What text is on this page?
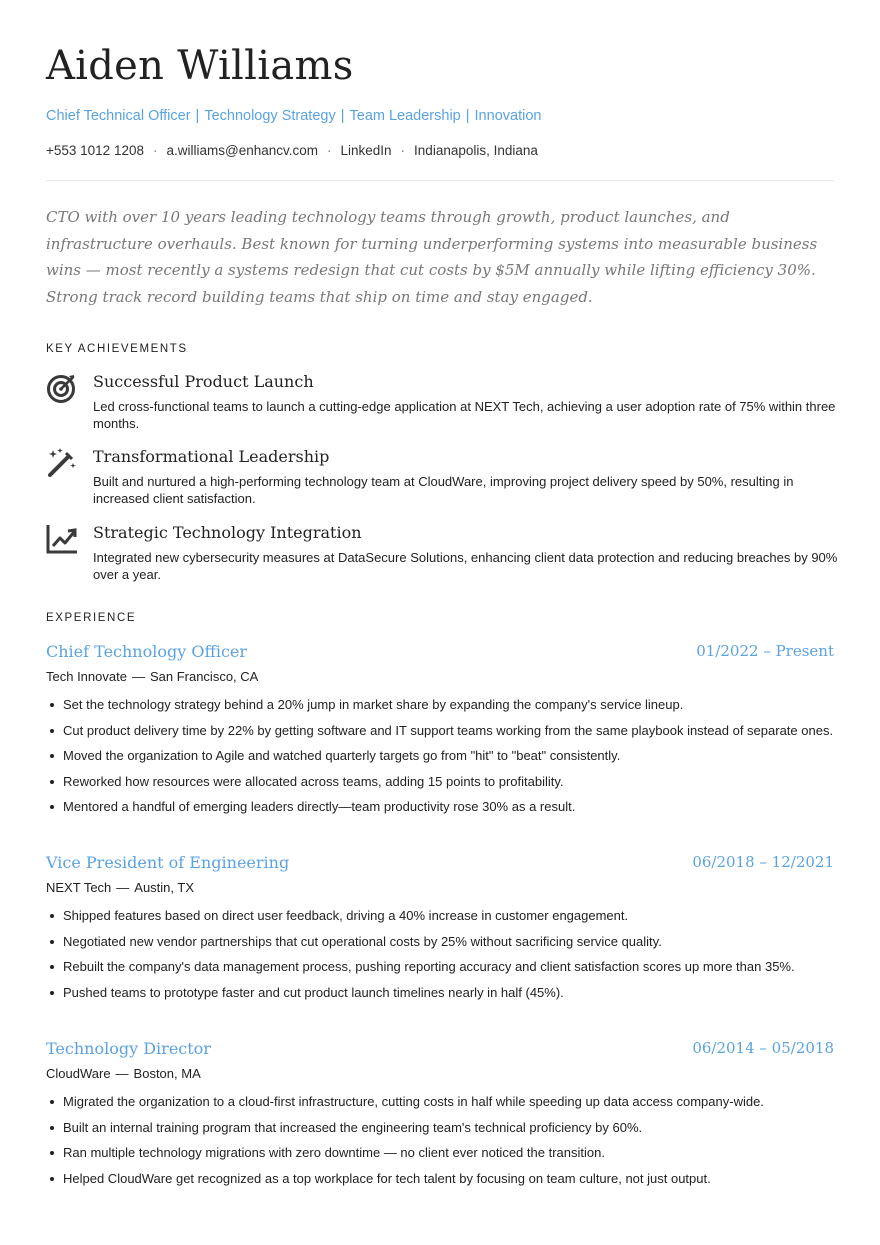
Aiden Williams
Chief Technical Officer | Technology Strategy | Team Leadership | Innovation
+553 1012 1208 · a.williams@enhancv.com · LinkedIn · Indianapolis, Indiana

CTO with over 10 years leading technology teams through growth, product launches, and infrastructure overhauls. Best known for turning underperforming systems into measurable business wins — most recently a systems redesign that cut costs by $5M annually while lifting efficiency 30%. Strong track record building teams that ship on time and stay engaged.

KEY ACHIEVEMENTS
Successful Product Launch
Led cross-functional teams to launch a cutting-edge application at NEXT Tech, achieving a user adoption rate of 75% within three months.
Transformational Leadership
Built and nurtured a high-performing technology team at CloudWare, improving project delivery speed by 50%, resulting in increased client satisfaction.
Strategic Technology Integration
Integrated new cybersecurity measures at DataSecure Solutions, enhancing client data protection and reducing breaches by 90% over a year.
EXPERIENCE
Chief Technology Officer	01/2022 – Present
Tech Innovate — San Francisco, CA
Set the technology strategy behind a 20% jump in market share by expanding the company's service lineup.
Cut product delivery time by 22% by getting software and IT support teams working from the same playbook instead of separate ones.
Moved the organization to Agile and watched quarterly targets go from "hit" to "beat" consistently.
Reworked how resources were allocated across teams, adding 15 points to profitability.
Mentored a handful of emerging leaders directly—team productivity rose 30% as a result.
Vice President of Engineering	06/2018 – 12/2021
NEXT Tech — Austin, TX
Shipped features based on direct user feedback, driving a 40% increase in customer engagement.
Negotiated new vendor partnerships that cut operational costs by 25% without sacrificing service quality.
Rebuilt the company's data management process, pushing reporting accuracy and client satisfaction scores up more than 35%.
Pushed teams to prototype faster and cut product launch timelines nearly in half (45%).
Technology Director	06/2014 – 05/2018
CloudWare — Boston, MA
Migrated the organization to a cloud-first infrastructure, cutting costs in half while speeding up data access company-wide.
Built an internal training program that increased the engineering team's technical proficiency by 60%.
Ran multiple technology migrations with zero downtime — no client ever noticed the transition.
Helped CloudWare get recognized as a top workplace for tech talent by focusing on team culture, not just output.
